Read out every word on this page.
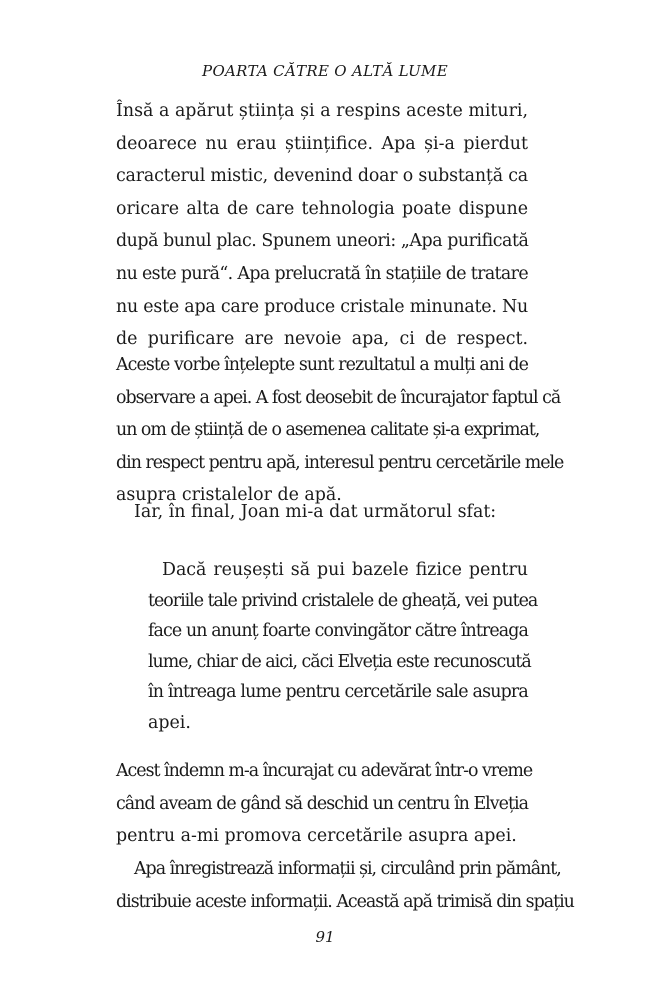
POARTA CĂTRE O ALTĂ LUME
Însă a apărut știința și a respins aceste mituri,
deoarece nu erau științifice. Apa și-a pierdut
caracterul mistic, devenind doar o substanță ca
oricare alta de care tehnologia poate dispune
după bunul plac. Spunem uneori: „Apa purificată
nu este pură“. Apa prelucrată în stațiile de tratare
nu este apa care produce cristale minunate. Nu
de purificare are nevoie apa, ci de respect.
Aceste vorbe înțelepte sunt rezultatul a mulți ani de
observare a apei. A fost deosebit de încurajator faptul că
un om de știință de o asemenea calitate și-a exprimat,
din respect pentru apă, interesul pentru cercetările mele
asupra cristalelor de apă.
Iar, în final, Joan mi-a dat următorul sfat:
Dacă reușești să pui bazele fizice pentru
teoriile tale privind cristalele de gheață, vei putea
face un anunț foarte convingător către întreaga
lume, chiar de aici, căci Elveția este recunoscută
în întreaga lume pentru cercetările sale asupra
apei.
Acest îndemn m-a încurajat cu adevărat într-o vreme
când aveam de gând să deschid un centru în Elveția
pentru a-mi promova cercetările asupra apei.
Apa înregistrează informații și, circulând prin pământ,
distribuie aceste informații. Această apă trimisă din spațiu
91
